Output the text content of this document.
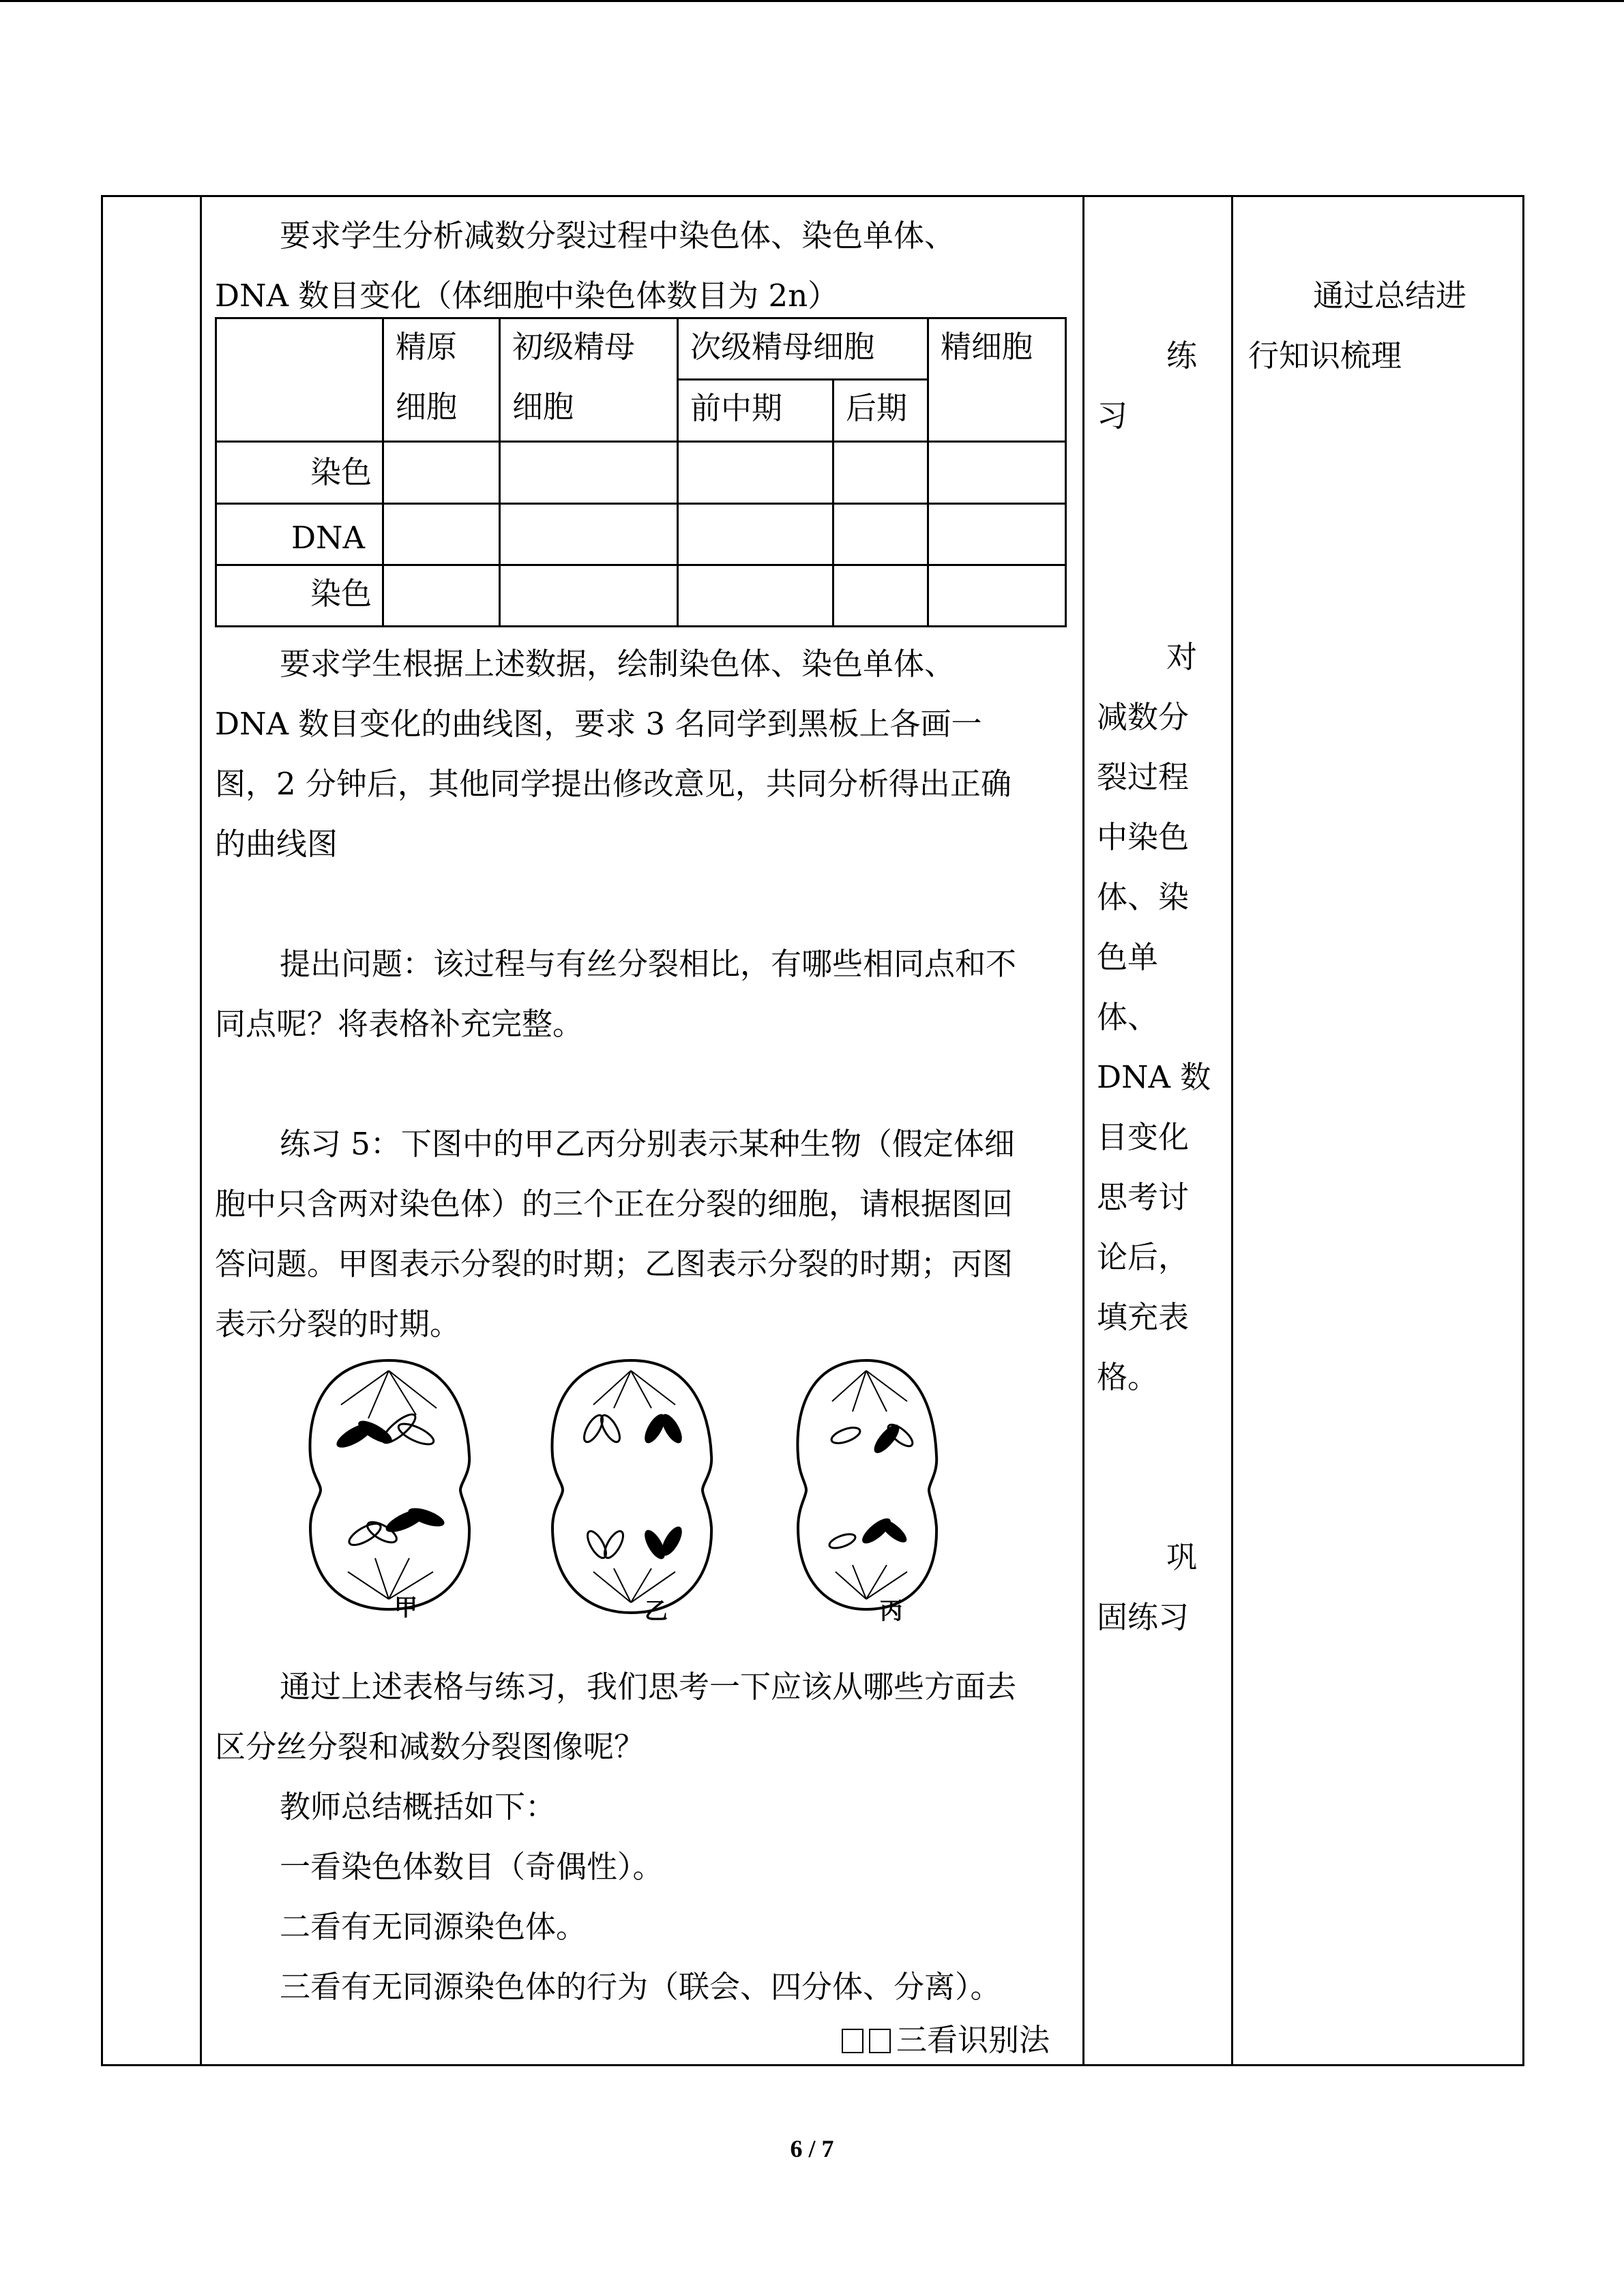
要求学生分析减数分裂过程中染色体、染色单体、
DNA 数目变化（体细胞中染色体数目为 2n）
精原
细胞
初级精母
细胞
次级精母细胞
前中期 后期
精细胞
染色
DNA
染色
要求学生根据上述数据，绘制染色体、染色单体、
DNA 数目变化的曲线图，要求 3 名同学到黑板上各画一
图，2 分钟后，其他同学提出修改意见，共同分析得出正确
的曲线图
提出问题：该过程与有丝分裂相比，有哪些相同点和不
同点呢？将表格补充完整。
练习 5：下图中的甲乙丙分别表示某种生物（假定体细
胞中只含两对染色体）的三个正在分裂的细胞，请根据图回
答问题。甲图表示分裂的时期；乙图表示分裂的时期；丙图
表示分裂的时期。
甲	乙	丙
通过上述表格与练习，我们思考一下应该从哪些方面去
区分丝分裂和减数分裂图像呢？
教师总结概括如下：
一看染色体数目（奇偶性）。
二看有无同源染色体。
三看有无同源染色体的行为（联会、四分体、分离）。
三看识别法
练
习
对
减数分
裂过程
中染色
体、染
色单
体、
DNA 数
目变化
思考讨
论后，
填充表
格。
巩
固练习
通过总结进
行知识梳理
6 / 7
